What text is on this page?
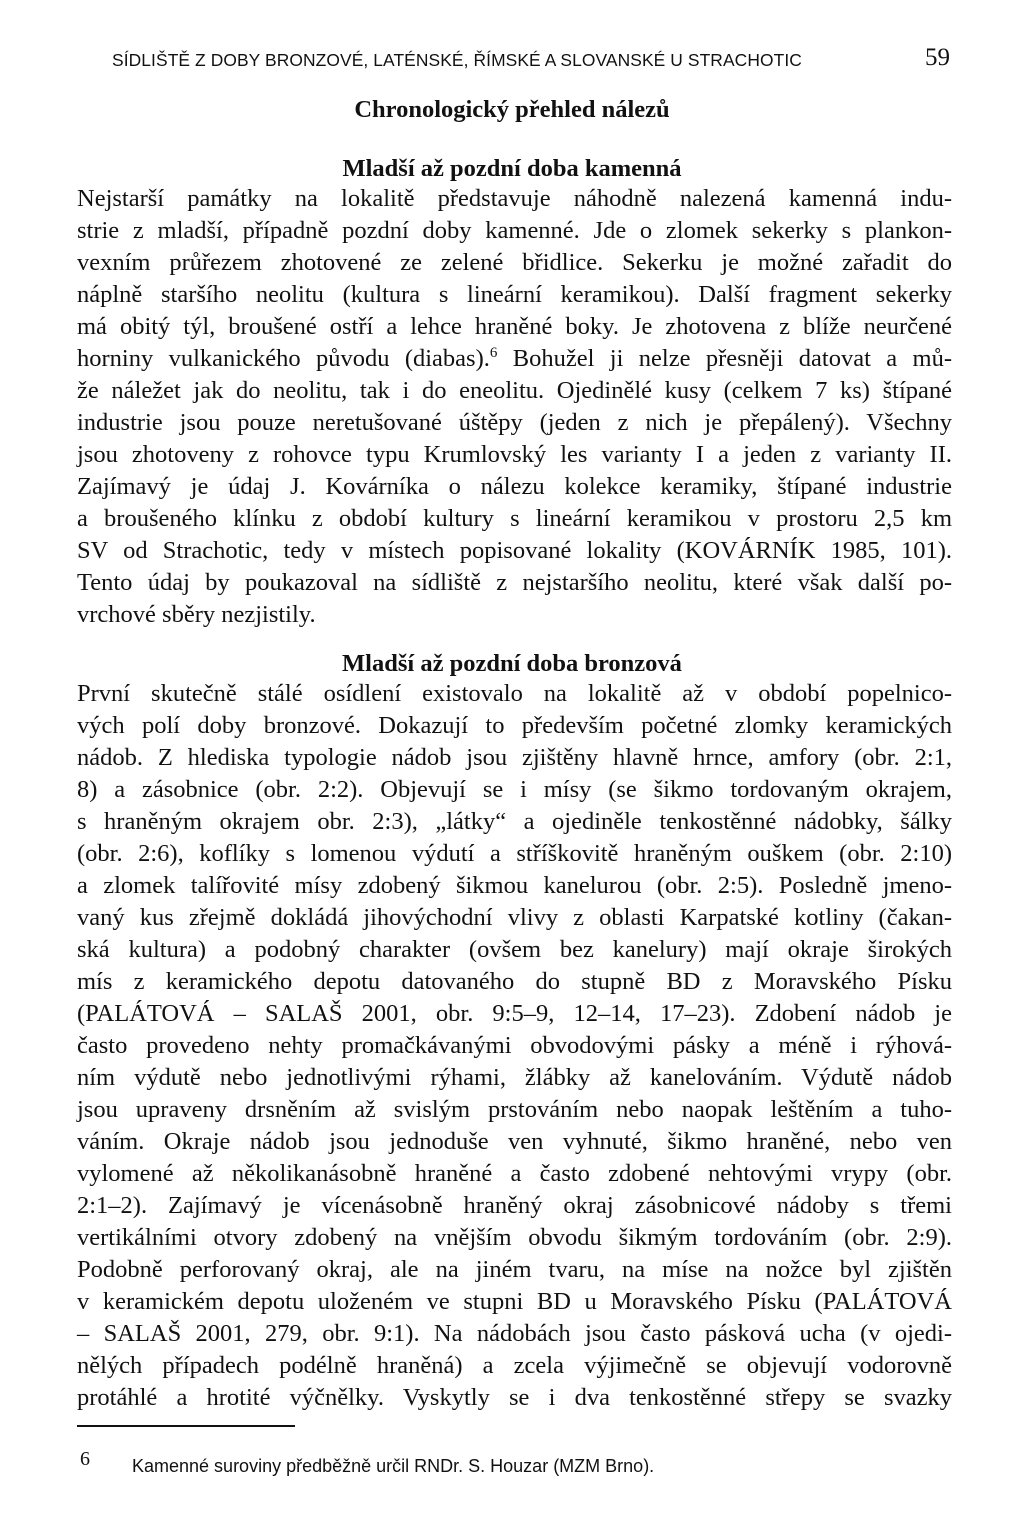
SÍDLIŠTĚ Z DOBY BRONZOVÉ, LATÉNSKÉ, ŘÍMSKÉ A SLOVANSKÉ U STRACHOTIC	59
Chronologický přehled nálezů
Mladší až pozdní doba kamenná
Nejstarší památky na lokalitě představuje náhodně nalezená kamenná indu-
strie z mladší, případně pozdní doby kamenné. Jde o zlomek sekerky s plankon-
vexním průřezem zhotovené ze zelené břidlice. Sekerku je možné zařadit do
náplně staršího neolitu (kultura s lineární keramikou). Další fragment sekerky
má obitý týl, broušené ostří a lehce hraněné boky. Je zhotovena z blíže neurčené
horniny vulkanického původu (diabas).$^6$ Bohužel ji nelze přesněji datovat a mů-
že náležet jak do neolitu, tak i do eneolitu. Ojedinělé kusy (celkem 7 ks) štípané
industrie jsou pouze neretušované úštěpy (jeden z nich je přepálený). Všechny
jsou zhotoveny z rohovce typu Krumlovský les varianty I a jeden z varianty II.
Zajímavý je údaj J. Kovárníka o nálezu kolekce keramiky, štípané industrie
a broušeného klínku z období kultury s lineární keramikou v prostoru 2,5 km
SV od Strachotic, tedy v místech popisované lokality (KOVÁRNÍK 1985, 101).
Tento údaj by poukazoval na sídliště z nejstaršího neolitu, které však další po-
vrchové sběry nezjistily.
Mladší až pozdní doba bronzová
První skutečně stálé osídlení existovalo na lokalitě až v období popelnico-
vých polí doby bronzové. Dokazují to především početné zlomky keramických
nádob. Z hlediska typologie nádob jsou zjištěny hlavně hrnce, amfory (obr. 2:1,
8) a zásobnice (obr. 2:2). Objevují se i mísy (se šikmo tordovaným okrajem,
s hraněným okrajem obr. 2:3), „látky“ a ojediněle tenkostěnné nádobky, šálky
(obr. 2:6), koflíky s lomenou výdutí a stříškovitě hraněným ouškem (obr. 2:10)
a zlomek talířovité mísy zdobený šikmou kanelurou (obr. 2:5). Posledně jmeno-
vaný kus zřejmě dokládá jihovýchodní vlivy z oblasti Karpatské kotliny (čakan-
ská kultura) a podobný charakter (ovšem bez kanelury) mají okraje širokých
mís z keramického depotu datovaného do stupně BD z Moravského Písku
(PALÁTOVÁ – SALAŠ 2001, obr. 9:5–9, 12–14, 17–23). Zdobení nádob je
často provedeno nehty promačkávanými obvodovými pásky a méně i rýhová-
ním výdutě nebo jednotlivými rýhami, žlábky až kanelováním. Výdutě nádob
jsou upraveny drsněním až svislým prstováním nebo naopak leštěním a tuho-
váním. Okraje nádob jsou jednoduše ven vyhnuté, šikmo hraněné, nebo ven
vylomené až několikanásobně hraněné a často zdobené nehtovými vrypy (obr.
2:1–2). Zajímavý je vícenásobně hraněný okraj zásobnicové nádoby s třemi
vertikálními otvory zdobený na vnějším obvodu šikmým tordováním (obr. 2:9).
Podobně perforovaný okraj, ale na jiném tvaru, na míse na nožce byl zjištěn
v keramickém depotu uloženém ve stupni BD u Moravského Písku (PALÁTOVÁ
– SALAŠ 2001, 279, obr. 9:1). Na nádobách jsou často pásková ucha (v ojedi-
nělých případech podélně hraněná) a zcela výjimečně se objevují vodorovně
protáhlé a hrotité výčnělky. Vyskytly se i dva tenkostěnné střepy se svazky
6 Kamenné suroviny předběžně určil RNDr. S. Houzar (MZM Brno).
